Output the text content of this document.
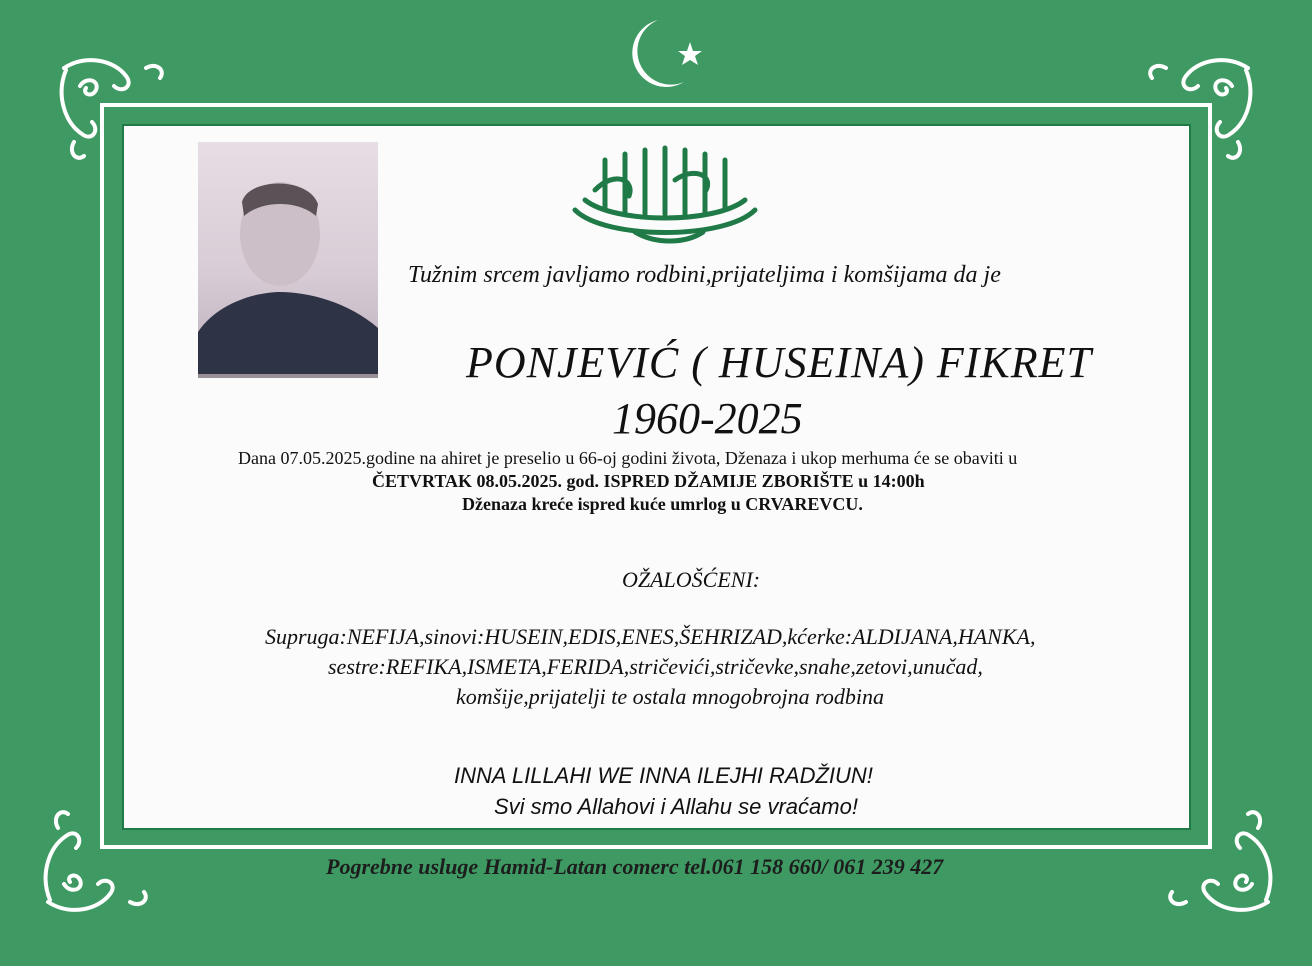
Tužnim srcem javljamo rodbini,prijateljima i komšijama da je
PONJEVIĆ ( HUSEINA) FIKRET
1960-2025
Dana 07.05.2025.godine na ahiret je preselio u 66-oj godini života, Dženaza i ukop merhuma će se obaviti u
ČETVRTAK 08.05.2025. god. ISPRED DŽAMIJE ZBORIŠTE u 14:00h
Dženaza kreće ispred kuće umrlog u CRVAREVCU.
OŽALOŠĆENI:
Supruga:NEFIJA,sinovi:HUSEIN,EDIS,ENES,ŠEHRIZAD,kćerke:ALDIJANA,HANKA,
sestre:REFIKA,ISMETA,FERIDA,stričevići,stričevke,snahe,zetovi,unučad,
komšije,prijatelji te ostala mnogobrojna rodbina
INNA LILLAHI WE INNA ILEJHI RADŽIUN!
Svi smo Allahovi i Allahu se vraćamo!
Pogrebne usluge Hamid-Latan comerc tel.061 158 660/ 061 239 427
